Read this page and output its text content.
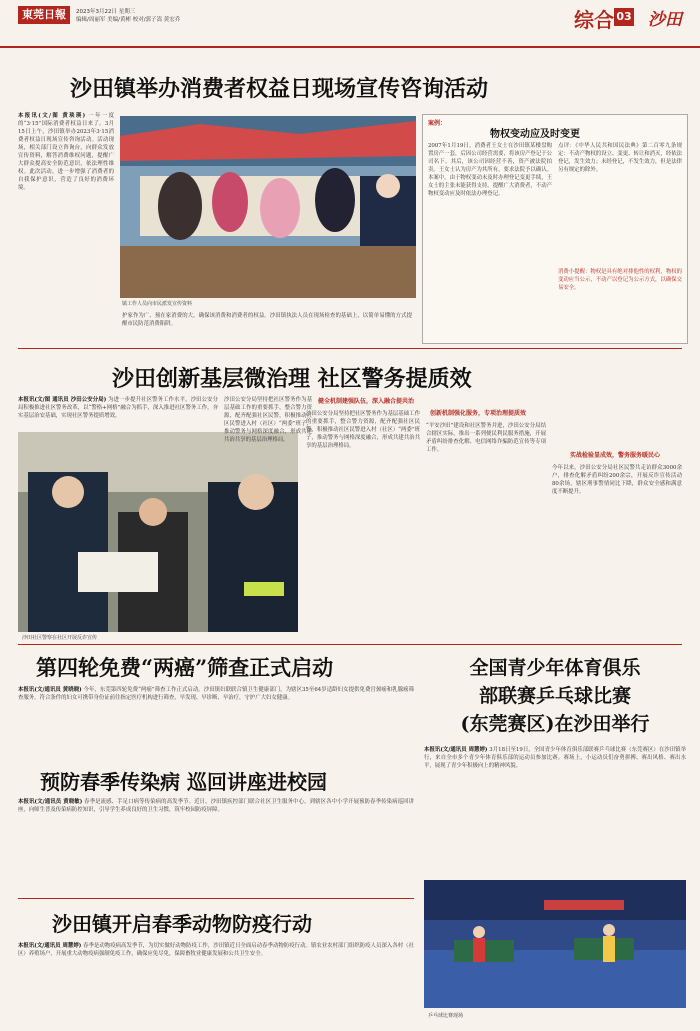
東莞日報	2023年3月22日 星期三
编辑/周丽军 美编/黄彬 校对/郭子嵩 黄宏乔	综合 03 沙田
沙田镇举办消费者权益日现场宣传咨询活动
本报讯(文/图 黄琰瑛) 一年一度的“3·15”国际消费者权益日来了。3月15日上午，沙田镇举办2023年3·15消费者权益日现场宣传咨询活动。活动现场，相关部门设立咨询台，向群众发放宣传资料，解答消费维权问题，提醒广大群众提高安全防范意识，依法理性维权。此次活动，进一步增强了消费者的自我保护意识，营造了良好的消费环境。
镇工作人员向市民派发宣传资料
护家作为广、预在家消费的大，确保该消费和消费者的权益。沙田镇执法人员在现场检查的基础上，以简单易懂的方式提醒市民防范消费陷阱。
案例：
物权变动应及时变更
2007年1月19日，消费者王女士在沙田镇某楼盘购置房产一套，后因公司经营需要，将该房产登记于公司名下。其后，该公司因经营不善，资产被法院拍卖。王女士认为房产为其所有，要求法院予以确认。本案中，由于物权变动未及时办理登记变更手续，王女士的主张未能获得支持。提醒广大消费者，不动产物权变动应及时依法办理登记。
点评：《中华人民共和国民法典》第二百零九条规定：不动产物权的设立、变更、转让和消灭，经依法登记，发生效力；未经登记，不发生效力，但是法律另有规定的除外。
消费小提醒：物权是具有绝对排他性的权利，物权的变动应当公示，不动产以登记为公示方式，以确保交易安全。
沙田创新基层微治理 社区警务提质效
本报讯(文/图 通讯员 沙田公安分局) 为进一步提升社区警务工作水平，沙田公安分局积极推进社区警务改革，以“警格+网格”融合为抓手，深入推进社区警务工作，夯实基层治安基础，实现社区警务提质增效。
沙田社区警察在社区开展反诈宣传
沙田公安分局坚持把社区警务作为基层基础工作的重要抓手，整合警力资源，配齐配强社区民警，积极推动社区民警进入村（社区）“两委”班子，推动警务与网格深度融合，形成共建共治共享的基层治理格局。
健全机制建强队伍，深入融合提共治
沙田公安分局坚持把社区警务作为基层基础工作的重要抓手，整合警力资源，配齐配强社区民警，积极推动社区民警进入村（社区）“两委”班子，推动警务与网格深度融合，形成共建共治共享的基层治理格局。
创新机制强化服务，专项治理提质效
“平安沙田”建设和社区警务并进，沙田公安分局结合辖区实际，推出一系列便民利民服务措施，开展矛盾纠纷排查化解、电信网络诈骗防范宣传等专项工作。
实战检验显成效，警务服务暖民心
今年以来，沙田公安分局社区民警共走访群众3000余户，排查化解矛盾纠纷200余宗，开展反诈宣传活动80余场，辖区刑事警情同比下降，群众安全感和满意度不断提升。
第四轮免费“两癌”筛查正式启动
本报讯(文/通讯员 黄晓晓) 今年，东莞第四轮免费“两癌”筛查工作正式启动。沙田镇妇联联合镇卫生健康部门，为辖区35至64岁适龄妇女提供免费宫颈癌和乳腺癌筛查服务。符合条件的妇女可携带身份证前往指定医疗机构进行筛查，早发现、早诊断、早治疗，守护广大妇女健康。
全国青少年体育俱乐
部联赛乒乓球比赛
(东莞赛区)在沙田举行
本报讯(文/通讯员 周慧婷) 3月18日至19日，全国青少年体育俱乐部联赛乒乓球比赛（东莞赛区）在沙田镇举行，来自全市多个青少年体育俱乐部的运动员参加比赛。赛场上，小运动员们奋勇拼搏、赛出风格、赛出水平，展现了青少年积极向上的精神风貌。
乒乓球比赛现场
预防春季传染病 巡回讲座进校园
本报讯(文/通讯员 黄晓敏) 春季是流感、手足口病等传染病的高发季节。近日，沙田镇疾控部门联合社区卫生服务中心，到辖区各中小学开展预防春季传染病巡回讲座，向师生普及传染病防控知识，引导学生养成良好的卫生习惯，筑牢校园防疫屏障。
沙田镇开启春季动物防疫行动
本报讯(文/通讯员 周慧婷) 春季是动物疫病高发季节，为切实做好动物防疫工作，沙田镇近日全面启动春季动物防疫行动。镇农业农村部门组织防疫人员深入各村（社区）养殖场户，开展重大动物疫病强制免疫工作，确保应免尽免，保障畜牧业健康发展和公共卫生安全。
